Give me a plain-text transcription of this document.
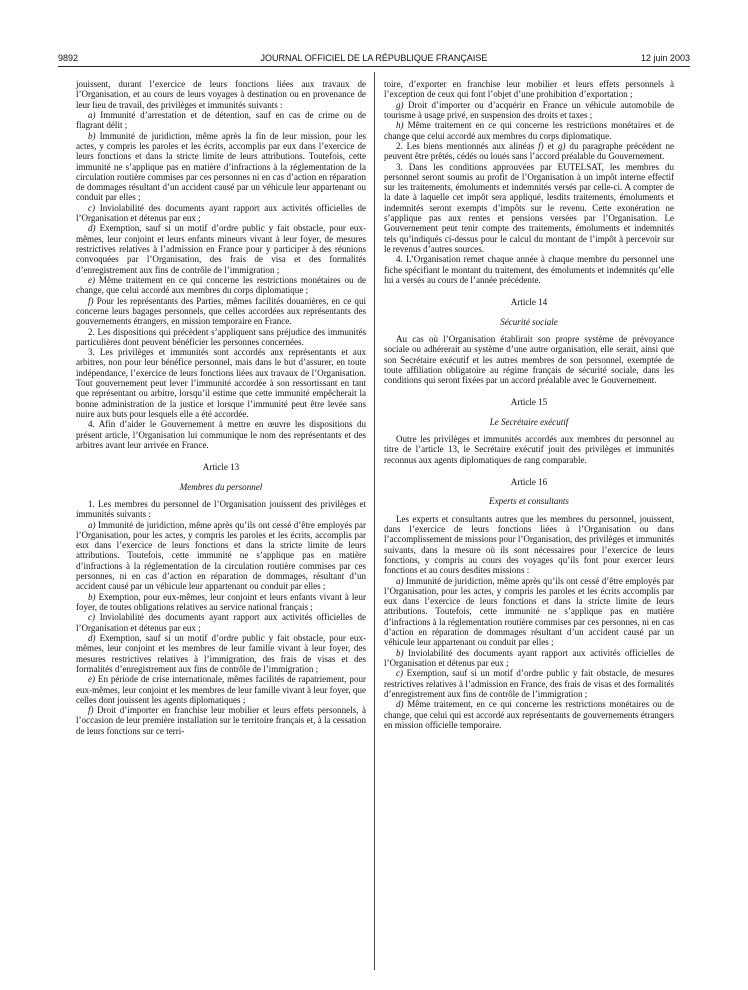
9892	JOURNAL OFFICIEL DE LA RÉPUBLIQUE FRANÇAISE	12 juin 2003

jouissent, durant l’exercice de leurs fonctions liées aux travaux de l’Organisation, et au cours de leurs voyages à destination ou en provenance de leur lieu de travail, des privilèges et immunités suivants :

a) Immunité d’arrestation et de détention, sauf en cas de crime ou de flagrant délit ;

b) Immunité de juridiction, même après la fin de leur mission, pour les actes, y compris les paroles et les écrits, accomplis par eux dans l’exercice de leurs fonctions et dans la stricte limite de leurs attributions. Toutefois, cette immunité ne s’applique pas en matière d’infractions à la réglementation de la circulation routière commises par ces personnes ni en cas d’action en réparation de dommages résultant d’un accident causé par un véhicule leur appartenant ou conduit par elles ;

c) Inviolabilité des documents ayant rapport aux activités officielles de l’Organisation et détenus par eux ;

d) Exemption, sauf si un motif d’ordre public y fait obstacle, pour eux-mêmes, leur conjoint et leurs enfants mineurs vivant à leur foyer, de mesures restrictives relatives à l’admission en France pour y participer à des réunions convoquées par l’Organisation, des frais de visa et des formalités d’enregistrement aux fins de contrôle de l’immigration ;

e) Même traitement en ce qui concerne les restrictions monétaires ou de change, que celui accordé aux membres du corps diplomatique ;

f) Pour les représentants des Parties, mêmes facilités douanières, en ce qui concerne leurs bagages personnels, que celles accordées aux représentants des gouvernements étrangers, en mission temporaire en France.

2. Les dispositions qui précèdent s’appliquent sans préjudice des immunités particulières dont peuvent bénéficier les personnes concernées.

3. Les privilèges et immunités sont accordés aux représentants et aux arbitres, non pour leur bénéfice personnel, mais dans le but d’assurer, en toute indépendance, l’exercice de leurs fonctions liées aux travaux de l’Organisation. Tout gouvernement peut lever l’immunité accordée à son ressortissant en tant que représentant ou arbitre, lorsqu’il estime que cette immunité empêcherait la bonne administration de la justice et lorsque l’immunité peut être levée sans nuire aux buts pour lesquels elle a été accordée.

4. Afin d’aider le Gouvernement à mettre en œuvre les dispositions du présent article, l’Organisation lui communique le nom des représentants et des arbitres avant leur arrivée en France.

Article 13

Membres du personnel

1. Les membres du personnel de l’Organisation jouissent des privilèges et immunités suivants :

a) Immunité de juridiction, même après qu’ils ont cessé d’être employés par l’Organisation, pour les actes, y compris les paroles et les écrits, accomplis par eux dans l’exercice de leurs fonctions et dans la stricte limite de leurs attributions. Toutefois, cette immunité ne s’applique pas en matière d’infractions à la réglementation de la circulation routière commises par ces personnes, ni en cas d’action en réparation de dommages, résultant d’un accident causé par un véhicule leur appartenant ou conduit par elles ;

b) Exemption, pour eux-mêmes, leur conjoint et leurs enfants vivant à leur foyer, de toutes obligations relatives au service national français ;

c) Inviolabilité des documents ayant rapport aux activités officielles de l’Organisation et détenus par eux ;

d) Exemption, sauf si un motif d’ordre public y fait obstacle, pour eux-mêmes, leur conjoint et les membres de leur famille vivant à leur foyer, des mesures restrictives relatives à l’immigration, des frais de visas et des formalités d’enregistrement aux fins de contrôle de l’immigration ;

e) En période de crise internationale, mêmes facilités de rapatriement, pour eux-mêmes, leur conjoint et les membres de leur famille vivant à leur foyer, que celles dont jouissent les agents diplomatiques ;

f) Droit d’importer en franchise leur mobilier et leurs effets personnels, à l’occasion de leur première installation sur le territoire français et, à la cessation de leurs fonctions sur ce terri-

toire, d’exporter en franchise leur mobilier et leurs effets personnels à l’exception de ceux qui font l’objet d’une prohibition d’exportation ;

g) Droit d’importer ou d’acquérir en France un véhicule automobile de tourisme à usage privé, en suspension des droits et taxes ;

h) Même traitement en ce qui concerne les restrictions monétaires et de change que celui accordé aux membres du corps diplomatique.

2. Les biens mentionnés aux alinéas f) et g) du paragraphe précédent ne peuvent être prêtés, cédés ou loués sans l’accord préalable du Gouvernement.

3. Dans les conditions approuvées par EUTELSAT, les membres du personnel seront soumis au profit de l’Organisation à un impôt interne effectif sur les traitements, émoluments et indemnités versés par celle-ci. A compter de la date à laquelle cet impôt sera appliqué, lesdits traitements, émoluments et indemnités seront exempts d’impôts sur le revenu. Cette exonération ne s’applique pas aux rentes et pensions versées par l’Organisation. Le Gouvernement peut tenir compte des traitements, émoluments et indemnités tels qu’indiqués ci-dessus pour le calcul du montant de l’impôt à percevoir sur le revenus d’autres sources.

4. L’Organisation remet chaque année à chaque membre du personnel une fiche spécifiant le montant du traitement, des émoluments et indemnités qu’elle lui a versés au cours de l’année précédente.

Article 14

Sécurité sociale

Au cas où l’Organisation établirait son propre système de prévoyance sociale ou adhérerait au système d’une autre organisation, elle serait, ainsi que son Secrétaire exécutif et les autres membres de son personnel, exemptée de toute affiliation obligatoire au régime français de sécurité sociale, dans les conditions qui seront fixées par un accord préalable avec le Gouvernement.

Article 15

Le Secrétaire exécutif

Outre les privilèges et immunités accordés aux membres du personnel au titre de l’article 13, le Secrétaire exécutif jouit des privilèges et immunités reconnus aux agents diplomatiques de rang comparable.

Article 16

Experts et consultants

Les experts et consultants autres que les membres du personnel, jouissent, dans l’exercice de leurs fonctions liées à l’Organisation ou dans l’accomplissement de missions pour l’Organisation, des privilèges et immunités suivants, dans la mesure où ils sont nécessaires pour l’exercice de leurs fonctions, y compris au cours des voyages qu’ils font pour exercer leurs fonctions et au cours desdites missions :

a) Immunité de juridiction, même après qu’ils ont cessé d’être employés par l’Organisation, pour les actes, y compris les paroles et les écrits accomplis par eux dans l’exercice de leurs fonctions et dans la stricte limite de leurs attributions. Toutefois, cette immunité ne s’applique pas en matière d’infractions à la réglementation routière commises par ces personnes, ni en cas d’action en réparation de dommages résultant d’un accident causé par un véhicule leur appartenant ou conduit par elles ;

b) Inviolabilité des documents ayant rapport aux activités officielles de l’Organisation et détenus par eux ;

c) Exemption, sauf si un motif d’ordre public y fait obstacle, de mesures restrictives relatives à l’admission en France, des frais de visas et des formalités d’enregistrement aux fins de contrôle de l’immigration ;

d) Même traitement, en ce qui concerne les restrictions monétaires ou de change, que celui qui est accordé aux représentants de gouvernements étrangers en mission officielle temporaire.
